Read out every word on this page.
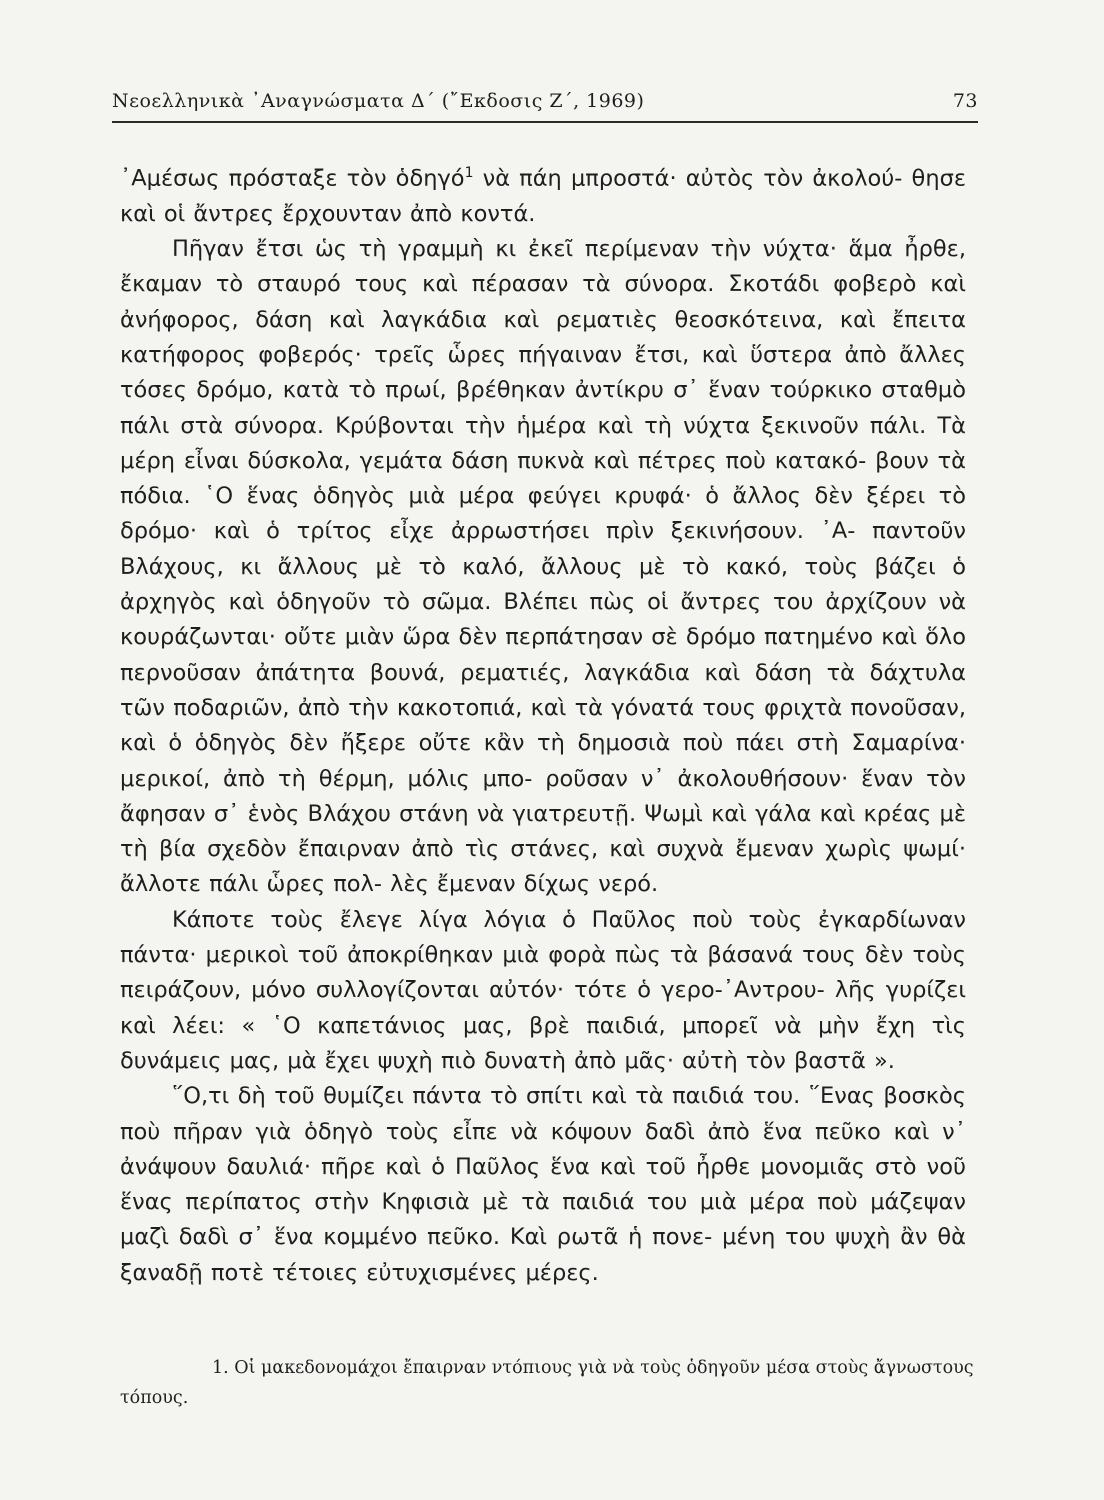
Νεοελληνικὰ ᾿Αναγνώσματα Δ΄ (῎Εκδοσις Ζ΄, 1969)	73

᾿Αμέσως πρόσταξε τὸν ὁδηγό$^1$ νὰ πάη μπροστά· αὐτὸς τὸν ἀκολού- θησε καὶ οἱ ἄντρες ἔρχουνταν ἀπὸ κοντά.

Πῆγαν ἔτσι ὡς τὴ γραμμὴ κι ἐκεῖ περίμεναν τὴν νύχτα· ἅμα ἦρθε, ἔκαμαν τὸ σταυρό τους καὶ πέρασαν τὰ σύνορα. Σκοτάδι φοβερὸ καὶ ἀνήφορος, δάση καὶ λαγκάδια καὶ ρεματιὲς θεοσκότεινα, καὶ ἔπειτα κατήφορος φοβερός· τρεῖς ὧρες πήγαιναν ἔτσι, καὶ ὕστερα ἀπὸ ἄλλες τόσες δρόμο, κατὰ τὸ πρωί, βρέθηκαν ἀντίκρυ σ᾿ ἕναν τούρκικο σταθμὸ πάλι στὰ σύνορα. Κρύβονται τὴν ἡμέρα καὶ τὴ νύχτα ξεκινοῦν πάλι. Τὰ μέρη εἶναι δύσκολα, γεμάτα δάση πυκνὰ καὶ πέτρες ποὺ κατακό- βουν τὰ πόδια. ῾Ο ἕνας ὁδηγὸς μιὰ μέρα φεύγει κρυφά· ὁ ἄλλος δὲν ξέρει τὸ δρόμο· καὶ ὁ τρίτος εἶχε ἀρρωστήσει πρὶν ξεκινήσουν. ᾿Α- παντοῦν Βλάχους, κι ἄλλους μὲ τὸ καλό, ἄλλους μὲ τὸ κακό, τοὺς βάζει ὁ ἀρχηγὸς καὶ ὁδηγοῦν τὸ σῶμα. Βλέπει πὼς οἱ ἄντρες του ἀρχίζουν νὰ κουράζωνται· οὔτε μιὰν ὥρα δὲν περπάτησαν σὲ δρόμο πατημένο καὶ ὅλο περνοῦσαν ἀπάτητα βουνά, ρεματιές, λαγκάδια καὶ δάση τὰ δάχτυλα τῶν ποδαριῶν, ἀπὸ τὴν κακοτοπιά, καὶ τὰ γόνατά τους φριχτὰ πονοῦσαν, καὶ ὁ ὁδηγὸς δὲν ἤξερε οὔτε κἂν τὴ δημοσιὰ ποὺ πάει στὴ Σαμαρίνα· μερικοί, ἀπὸ τὴ θέρμη, μόλις μπο- ροῦσαν ν᾿ ἀκολουθήσουν· ἕναν τὸν ἄφησαν σ᾿ ἑνὸς Βλάχου στάνη νὰ γιατρευτῇ. Ψωμὶ καὶ γάλα καὶ κρέας μὲ τὴ βία σχεδὸν ἔπαιρναν ἀπὸ τὶς στάνες, καὶ συχνὰ ἔμεναν χωρὶς ψωμί· ἄλλοτε πάλι ὧρες πολ- λὲς ἔμεναν δίχως νερό.

Κάποτε τοὺς ἔλεγε λίγα λόγια ὁ Παῦλος ποὺ τοὺς ἐγκαρδίωναν πάντα· μερικοὶ τοῦ ἀποκρίθηκαν μιὰ φορὰ πὼς τὰ βάσανά τους δὲν τοὺς πειράζουν, μόνο συλλογίζονται αὐτόν· τότε ὁ γερο-᾿Αντρου- λῆς γυρίζει καὶ λέει: « ῾Ο καπετάνιος μας, βρὲ παιδιά, μπορεῖ νὰ μὴν ἔχη τὶς δυνάμεις μας, μὰ ἔχει ψυχὴ πιὸ δυνατὴ ἀπὸ μᾶς· αὐτὴ τὸν βαστᾶ ».

῞Ο,τι δὴ τοῦ θυμίζει πάντα τὸ σπίτι καὶ τὰ παιδιά του. ῞Ενας βοσκὸς ποὺ πῆραν γιὰ ὁδηγὸ τοὺς εἶπε νὰ κόψουν δαδὶ ἀπὸ ἕνα πεῦκο καὶ ν᾿ ἀνάψουν δαυλιά· πῆρε καὶ ὁ Παῦλος ἕνα καὶ τοῦ ἦρθε μονομιᾶς στὸ νοῦ ἕνας περίπατος στὴν Κηφισιὰ μὲ τὰ παιδιά του μιὰ μέρα ποὺ μάζεψαν μαζὶ δαδὶ σ᾿ ἕνα κομμένο πεῦκο. Καὶ ρωτᾶ ἡ πονε- μένη του ψυχὴ ἂν θὰ ξαναδῇ ποτὲ τέτοιες εὐτυχισμένες μέρες.

1. Οἱ μακεδονομάχοι ἔπαιρναν ντόπιους γιὰ νὰ τοὺς ὁδηγοῦν μέσα στοὺς ἄγνωστους τόπους.
